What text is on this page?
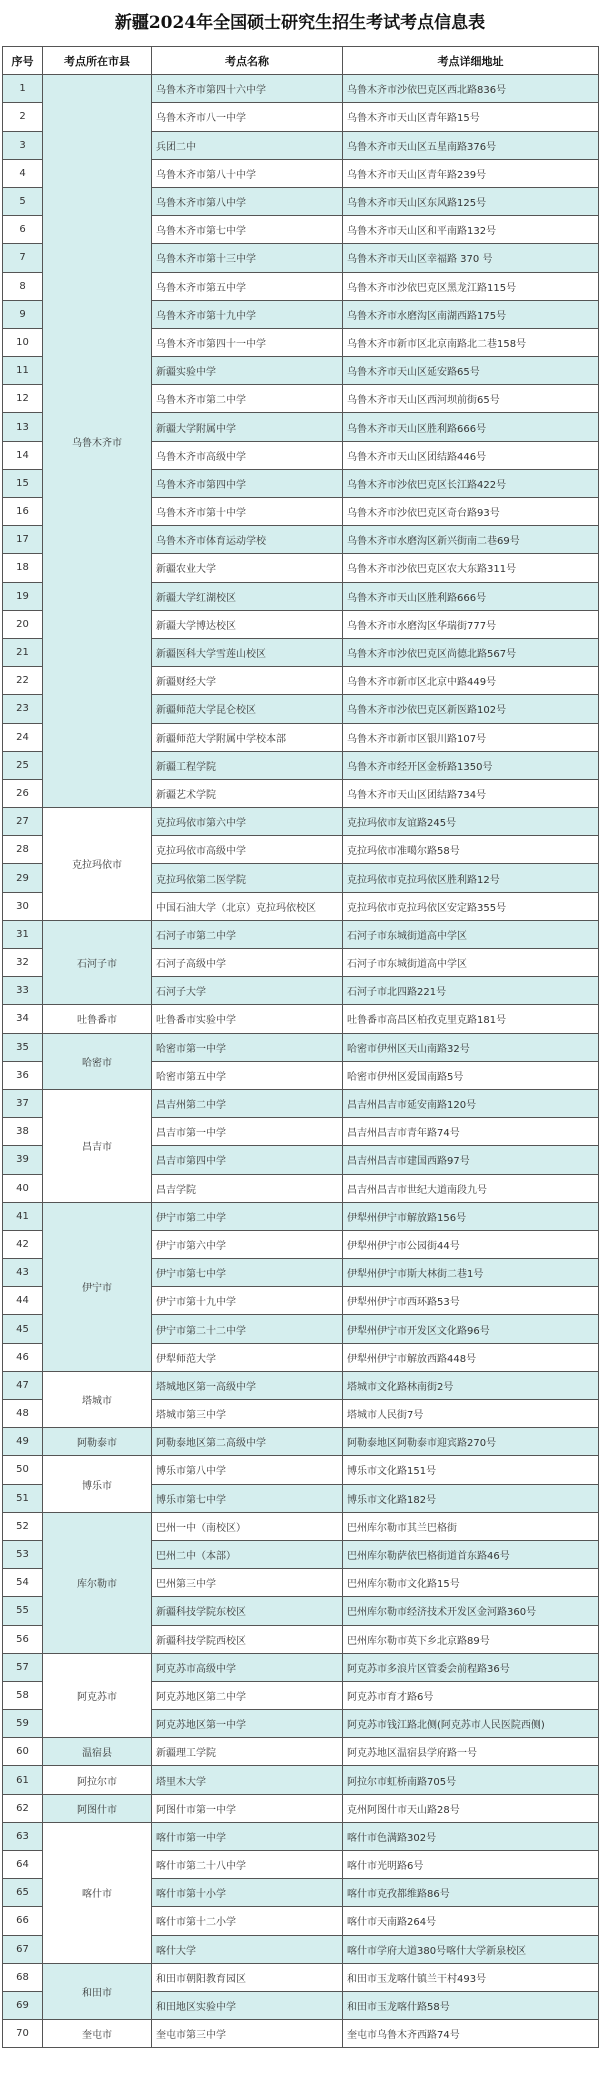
新疆2024年全国硕士研究生招生考试考点信息表
序号	考点所在市县	考点名称	考点详细地址
1	乌鲁木齐市	乌鲁木齐市第四十六中学	乌鲁木齐市沙依巴克区西北路836号
2		乌鲁木齐市八一中学	乌鲁木齐市天山区青年路15号
3		兵团二中	乌鲁木齐市天山区五星南路376号
4		乌鲁木齐市第八十中学	乌鲁木齐市天山区青年路239号
5		乌鲁木齐市第八中学	乌鲁木齐市天山区东风路125号
6		乌鲁木齐市第七中学	乌鲁木齐市天山区和平南路132号
7		乌鲁木齐市第十三中学	乌鲁木齐市天山区幸福路 370 号
8		乌鲁木齐市第五中学	乌鲁木齐市沙依巴克区黑龙江路115号
9		乌鲁木齐市第十九中学	乌鲁木齐市水磨沟区南湖西路175号
10		乌鲁木齐市第四十一中学	乌鲁木齐市新市区北京南路北二巷158号
11		新疆实验中学	乌鲁木齐市天山区延安路65号
12		乌鲁木齐市第二中学	乌鲁木齐市天山区西河坝前街65号
13		新疆大学附属中学	乌鲁木齐市天山区胜利路666号
14		乌鲁木齐市高级中学	乌鲁木齐市天山区团结路446号
15		乌鲁木齐市第四中学	乌鲁木齐市沙依巴克区长江路422号
16		乌鲁木齐市第十中学	乌鲁木齐市沙依巴克区奇台路93号
17		乌鲁木齐市体育运动学校	乌鲁木齐市水磨沟区新兴街南二巷69号
18		新疆农业大学	乌鲁木齐市沙依巴克区农大东路311号
19		新疆大学红湖校区	乌鲁木齐市天山区胜利路666号
20		新疆大学博达校区	乌鲁木齐市水磨沟区华瑞街777号
21		新疆医科大学雪莲山校区	乌鲁木齐市沙依巴克区尚德北路567号
22		新疆财经大学	乌鲁木齐市新市区北京中路449号
23		新疆师范大学昆仑校区	乌鲁木齐市沙依巴克区新医路102号
24		新疆师范大学附属中学校本部	乌鲁木齐市新市区银川路107号
25		新疆工程学院	乌鲁木齐市经开区金桥路1350号
26		新疆艺术学院	乌鲁木齐市天山区团结路734号
27	克拉玛依市	克拉玛依市第六中学	克拉玛依市友谊路245号
28		克拉玛依市高级中学	克拉玛依市准噶尔路58号
29		克拉玛依第二医学院	克拉玛依市克拉玛依区胜利路12号
30		中国石油大学（北京）克拉玛依校区	克拉玛依市克拉玛依区安定路355号
31	石河子市	石河子市第二中学	石河子市东城街道高中学区
32		石河子高级中学	石河子市东城街道高中学区
33		石河子大学	石河子市北四路221号
34	吐鲁番市	吐鲁番市实验中学	吐鲁番市高昌区柏孜克里克路181号
35	哈密市	哈密市第一中学	哈密市伊州区天山南路32号
36		哈密市第五中学	哈密市伊州区爱国南路5号
37	昌吉市	昌吉州第二中学	昌吉州昌吉市延安南路120号
38		昌吉市第一中学	昌吉州昌吉市青年路74号
39		昌吉市第四中学	昌吉州昌吉市建国西路97号
40		昌吉学院	昌吉州昌吉市世纪大道南段九号
41	伊宁市	伊宁市第二中学	伊犁州伊宁市解放路156号
42		伊宁市第六中学	伊犁州伊宁市公园街44号
43		伊宁市第七中学	伊犁州伊宁市斯大林街二巷1号
44		伊宁市第十九中学	伊犁州伊宁市西环路53号
45		伊宁市第二十二中学	伊犁州伊宁市开发区文化路96号
46		伊犁师范大学	伊犁州伊宁市解放西路448号
47	塔城市	塔城地区第一高级中学	塔城市文化路林南街2号
48		塔城市第三中学	塔城市人民街7号
49	阿勒泰市	阿勒泰地区第二高级中学	阿勒泰地区阿勒泰市迎宾路270号
50	博乐市	博乐市第八中学	博乐市文化路151号
51		博乐市第七中学	博乐市文化路182号
52	库尔勒市	巴州一中（南校区）	巴州库尔勒市其兰巴格街
53		巴州二中（本部）	巴州库尔勒萨依巴格街道首东路46号
54		巴州第三中学	巴州库尔勒市文化路15号
55		新疆科技学院东校区	巴州库尔勒市经济技术开发区金河路360号
56		新疆科技学院西校区	巴州库尔勒市英下乡北京路89号
57	阿克苏市	阿克苏市高级中学	阿克苏市多浪片区管委会前程路36号
58		阿克苏地区第二中学	阿克苏市育才路6号
59		阿克苏地区第一中学	阿克苏市钱江路北侧(阿克苏市人民医院西侧)
60	温宿县	新疆理工学院	阿克苏地区温宿县学府路一号
61	阿拉尔市	塔里木大学	阿拉尔市虹桥南路705号
62	阿图什市	阿图什市第一中学	克州阿图什市天山路28号
63	喀什市	喀什市第一中学	喀什市色满路302号
64		喀什市第二十八中学	喀什市光明路6号
65		喀什市第十小学	喀什市克孜都维路86号
66		喀什市第十二小学	喀什市天南路264号
67		喀什大学	喀什市学府大道380号喀什大学新泉校区
68	和田市	和田市朝阳教育园区	和田市玉龙喀什镇兰干村493号
69		和田地区实验中学	和田市玉龙喀什路58号
70	奎屯市	奎屯市第三中学	奎屯市乌鲁木齐西路74号
